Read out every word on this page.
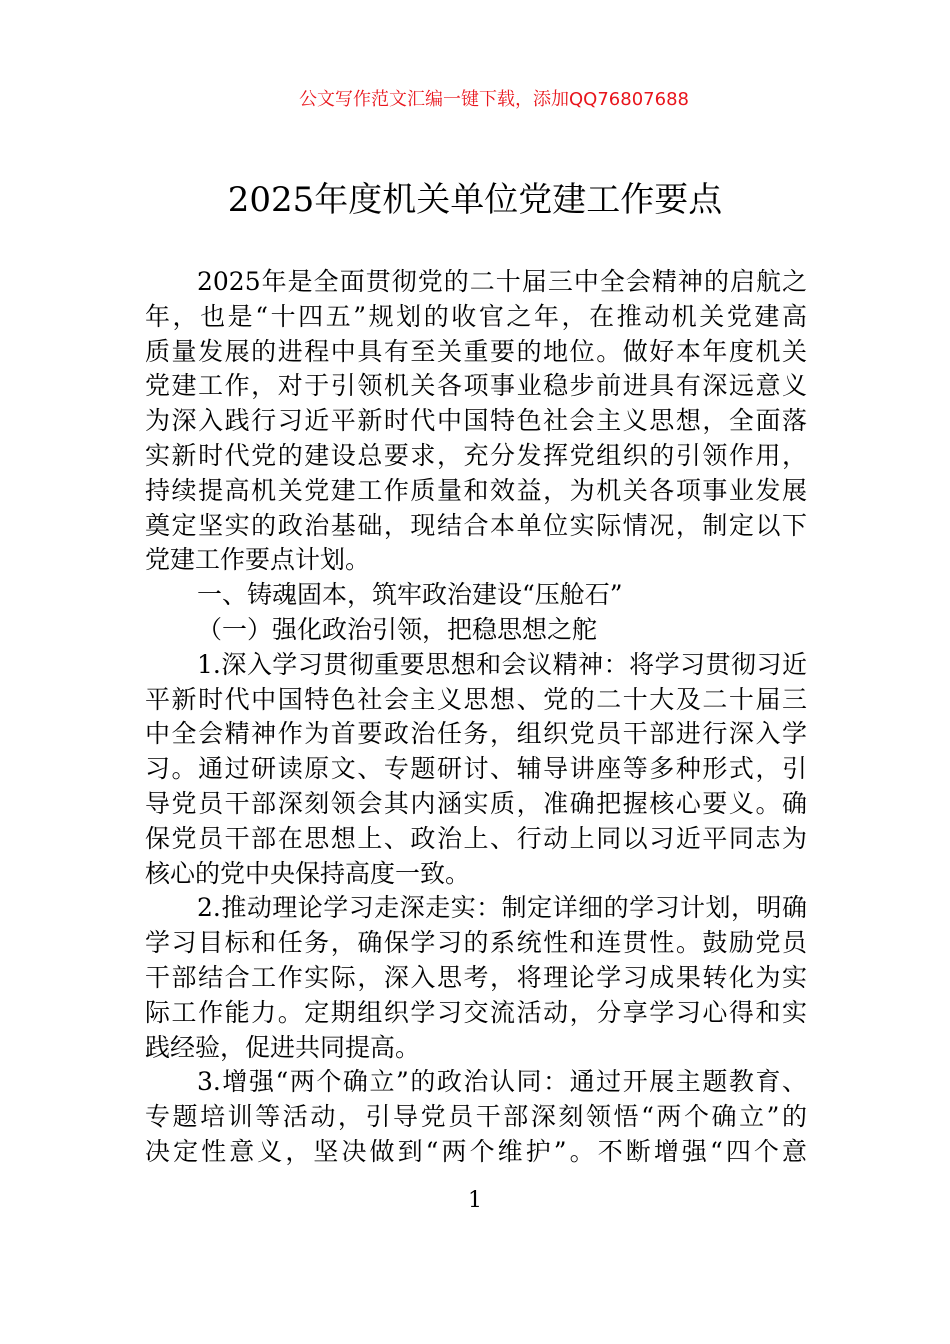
公文写作范文汇编一键下载，添加QQ76807688
2025年度机关单位党建工作要点
2025年是全面贯彻党的二十届三中全会精神的启航之
年，也是“十四五”规划的收官之年，在推动机关党建高
质量发展的进程中具有至关重要的地位。做好本年度机关
党建工作，对于引领机关各项事业稳步前进具有深远意义
为深入践行习近平新时代中国特色社会主义思想，全面落
实新时代党的建设总要求，充分发挥党组织的引领作用，
持续提高机关党建工作质量和效益，为机关各项事业发展
奠定坚实的政治基础，现结合本单位实际情况，制定以下
党建工作要点计划。
一、铸魂固本，筑牢政治建设“压舱石”
（一）强化政治引领，把稳思想之舵
1.深入学习贯彻重要思想和会议精神：将学习贯彻习近
平新时代中国特色社会主义思想、党的二十大及二十届三
中全会精神作为首要政治任务，组织党员干部进行深入学
习。通过研读原文、专题研讨、辅导讲座等多种形式，引
导党员干部深刻领会其内涵实质，准确把握核心要义。确
保党员干部在思想上、政治上、行动上同以习近平同志为
核心的党中央保持高度一致。
2.推动理论学习走深走实：制定详细的学习计划，明确
学习目标和任务，确保学习的系统性和连贯性。鼓励党员
干部结合工作实际，深入思考，将理论学习成果转化为实
际工作能力。定期组织学习交流活动，分享学习心得和实
践经验，促进共同提高。
3.增强“两个确立”的政治认同：通过开展主题教育、
专题培训等活动，引导党员干部深刻领悟“两个确立”的
决定性意义，坚决做到“两个维护”。不断增强“四个意
1
